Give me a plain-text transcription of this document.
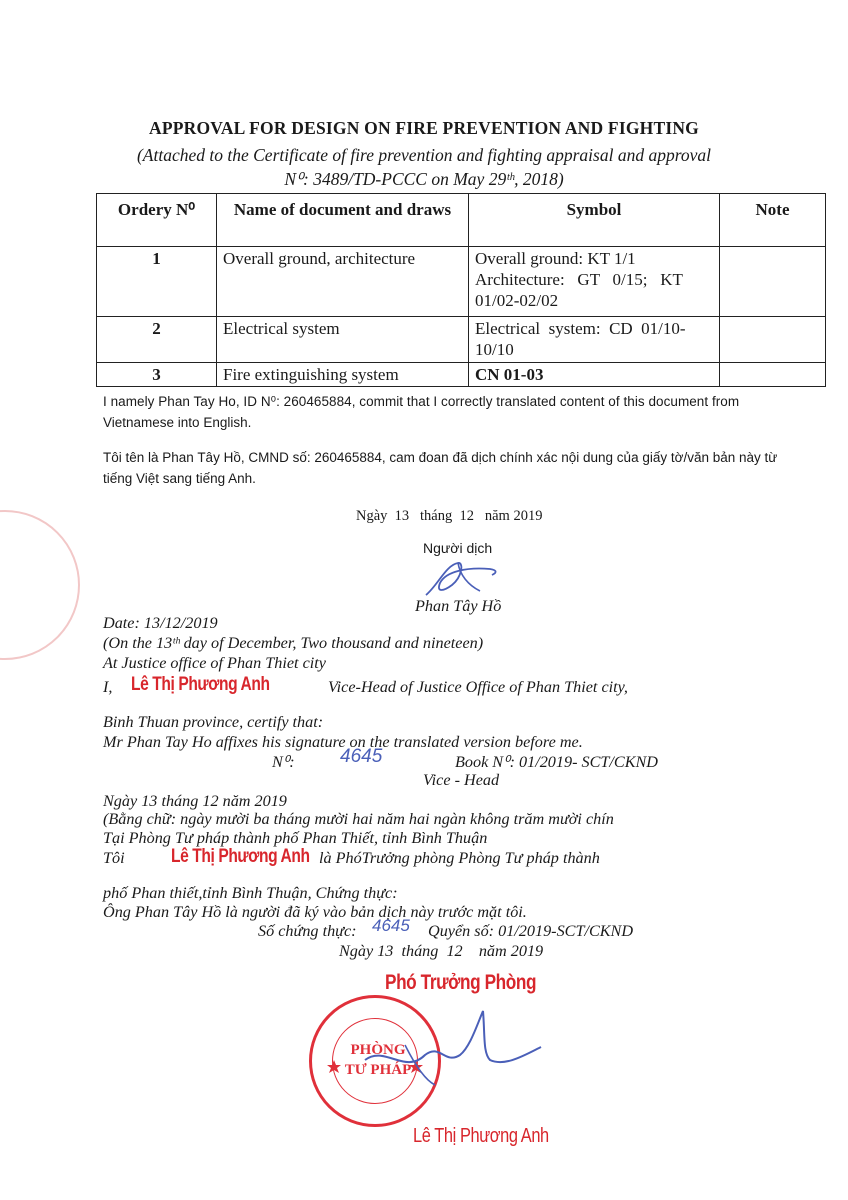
APPROVAL FOR DESIGN ON FIRE PREVENTION AND FIGHTING
(Attached to the Certificate of fire prevention and fighting appraisal and approval
N⁰: 3489/TD-PCCC on May 29ᵗʰ, 2018)
Ordery N⁰	Name of document and draws	Symbol	Note
1	Overall ground, architecture	Overall ground: KT 1/1
Architecture:   GT   0/15;   KT
01/02-02/02	

2	Electrical system	Electrical  system:  CD  01/10-
10/10	

3	Fire extinguishing system	CN 01-03	
I namely Phan Tay Ho, ID N⁰: 260465884, commit that I correctly translated content of this document from
Vietnamese into English.
Tôi tên là Phan Tây Hồ, CMND số: 260465884, cam đoan đã dịch chính xác nội dung của giấy tờ/văn bản này từ
tiếng Việt sang tiếng Anh.
Ngày  13   tháng  12   năm 2019
Người dịch
Phan Tây Hồ
Date: 13/12/2019
(On the 13ᵗʰ day of December, Two thousand and nineteen)
At Justice office of Phan Thiet city
I, Lê Thị Phương Anh	Vice-Head of Justice Office of Phan Thiet city,
Binh Thuan province, certify that:
Mr Phan Tay Ho affixes his signature on the translated version before me.
N⁰: 4645	Book N⁰: 01/2019- SCT/CKND
Vice - Head
Ngày 13 tháng 12 năm 2019
(Bằng chữ: ngày mười ba tháng mười hai năm hai ngàn không trăm mười chín
Tại Phòng Tư pháp thành phố Phan Thiết, tỉnh Bình Thuận
Tôi Lê Thị Phương Anh là PhóTrưởng phòng Phòng Tư pháp thành
phố Phan thiết,tỉnh Bình Thuận, Chứng thực:
Ông Phan Tây Hồ là người đã ký vào bản dịch này trước mặt tôi.
Số chứng thực: 4645 Quyển số: 01/2019-SCT/CKND
Ngày 13  tháng  12    năm 2019
Phó Trưởng Phòng
PHÒNG
TƯ PHÁP
Lê Thị Phương Anh
